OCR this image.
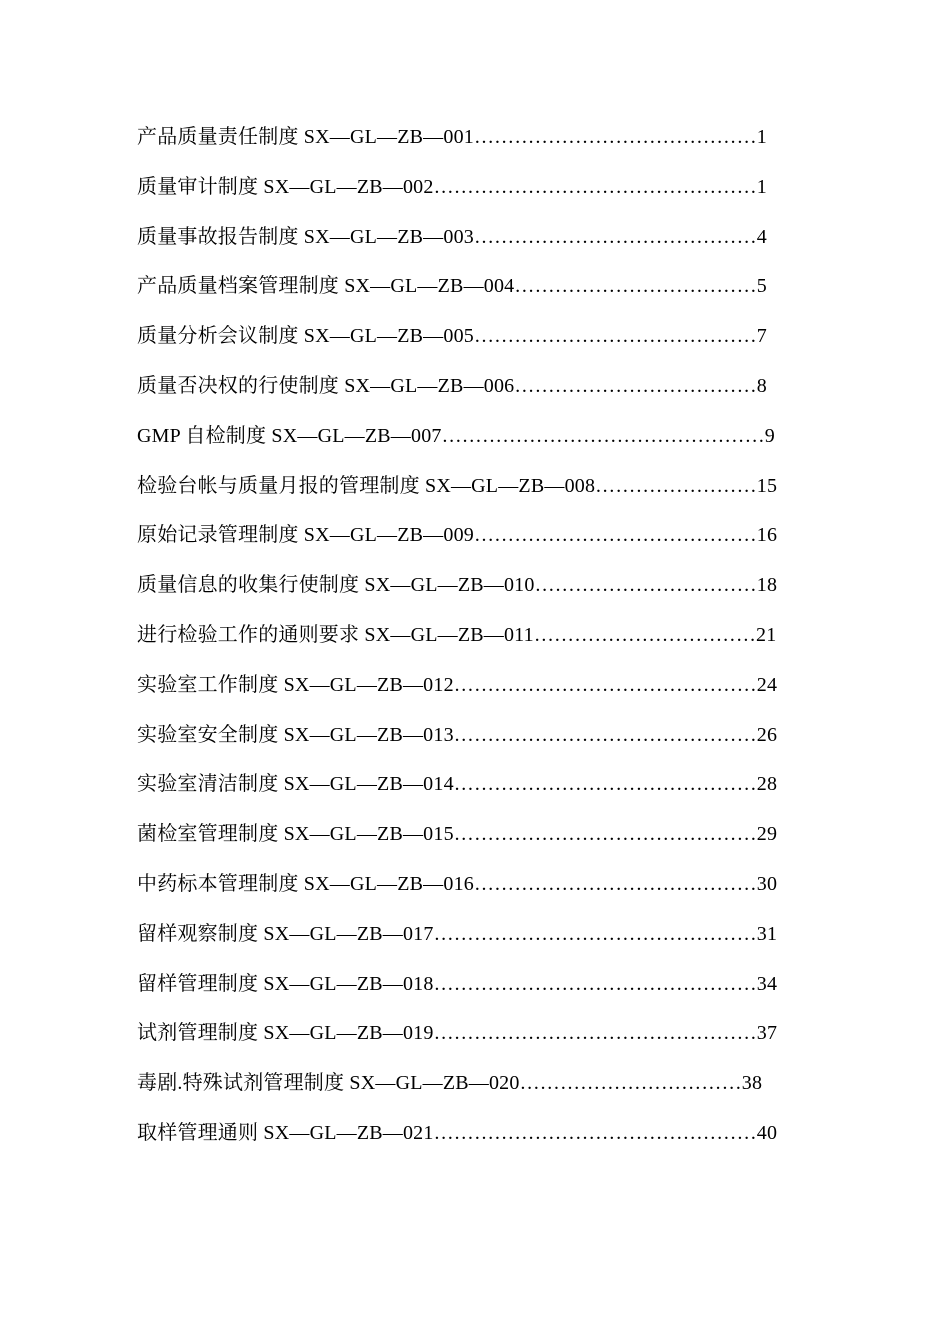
产品质量责任制度 SX—GL—ZB—001……………………………………1
质量审计制度 SX—GL—ZB—002…………………………………………1
质量事故报告制度 SX—GL—ZB—003……………………………………4
产品质量档案管理制度 SX—GL—ZB—004………………………………5
质量分析会议制度 SX—GL—ZB—005……………………………………7
质量否决权的行使制度 SX—GL—ZB—006………………………………8
GMP 自检制度 SX—GL—ZB—007…………………………………………9
检验台帐与质量月报的管理制度 SX—GL—ZB—008……………………15
原始记录管理制度 SX—GL—ZB—009……………………………………16
质量信息的收集行使制度 SX—GL—ZB—010……………………………18
进行检验工作的通则要求 SX—GL—ZB—011……………………………21
实验室工作制度 SX—GL—ZB—012………………………………………24
实验室安全制度 SX—GL—ZB—013………………………………………26
实验室清洁制度 SX—GL—ZB—014………………………………………28
菌检室管理制度 SX—GL—ZB—015………………………………………29
中药标本管理制度 SX—GL—ZB—016……………………………………30
留样观察制度 SX—GL—ZB—017…………………………………………31
留样管理制度 SX—GL—ZB—018…………………………………………34
试剂管理制度 SX—GL—ZB—019…………………………………………37
毒剧.特殊试剂管理制度 SX—GL—ZB—020……………………………38
取样管理通则 SX—GL—ZB—021…………………………………………40
